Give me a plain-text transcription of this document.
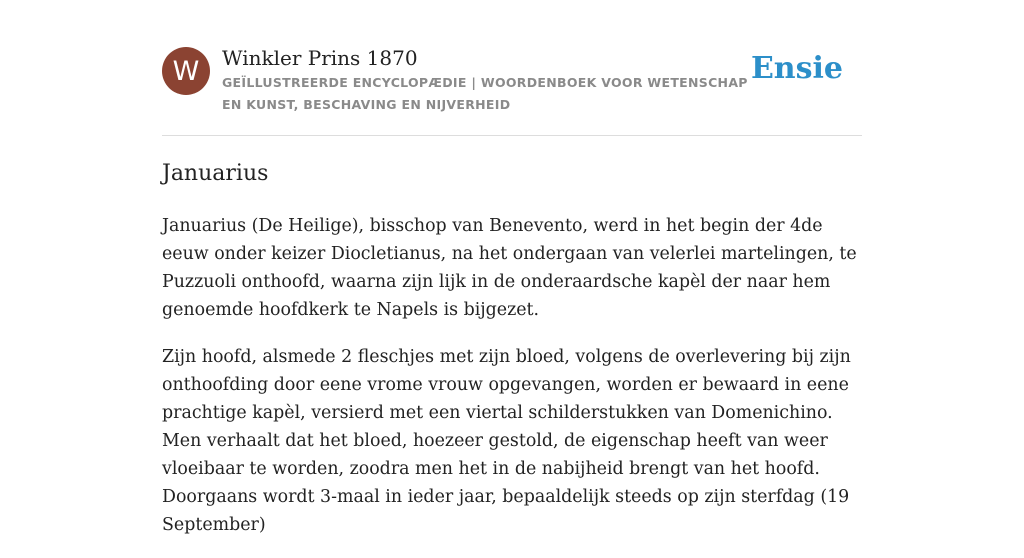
W Winkler Prins 1870
GEÏLLUSTREERDE ENCYCLOPÆDIE | WOORDENBOEK VOOR WETENSCHAP EN KUNST, BESCHAVING EN NIJVERHEID
Ensie
Januarius

Januarius (De Heilige), bisschop van Benevento, werd in het begin der 4de eeuw onder keizer Diocletianus, na het ondergaan van velerlei martelingen, te Puzzuoli onthoofd, waarna zijn lijk in de onderaardsche kapèl der naar hem genoemde hoofdkerk te Napels is bijgezet.

Zijn hoofd, alsmede 2 fleschjes met zijn bloed, volgens de overlevering bij zijn onthoofding door eene vrome vrouw opgevangen, worden er bewaard in eene prachtige kapèl, versierd met een viertal schilderstukken van Domenichino. Men verhaalt dat het bloed, hoezeer gestold, de eigenschap heeft van weer vloeibaar te worden, zoodra men het in de nabijheid brengt van het hoofd. Doorgaans wordt 3-maal in ieder jaar, bepaaldelijk steeds op zijn sterfdag (19 September)
